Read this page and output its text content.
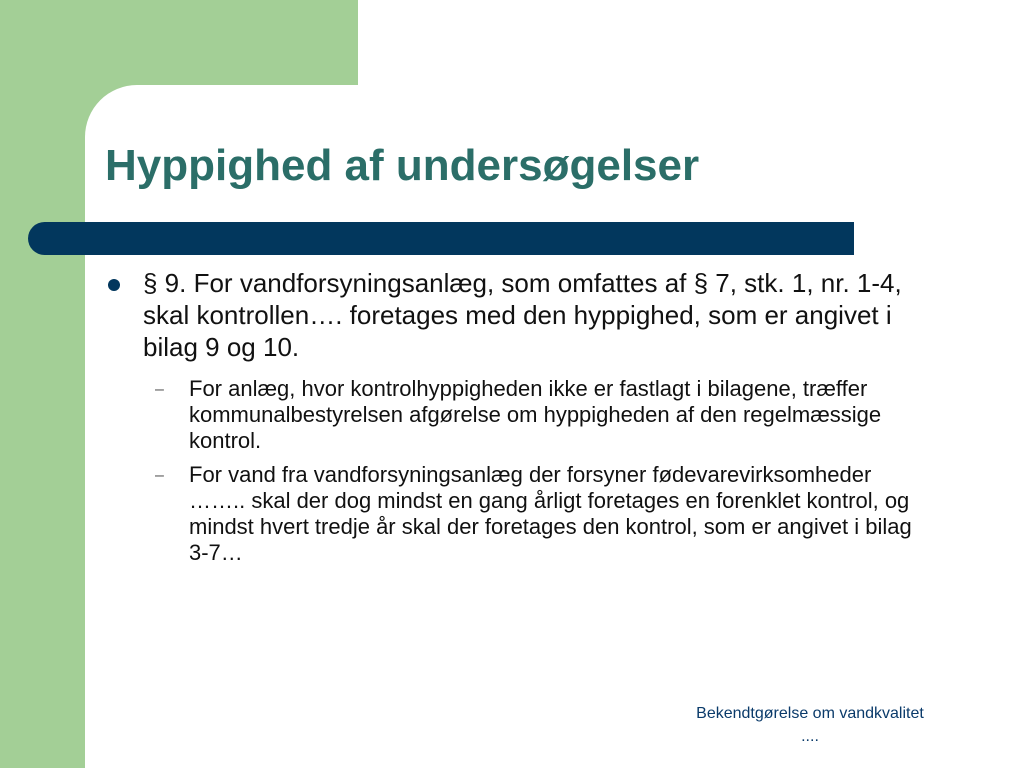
Hyppighed af undersøgelser
§ 9. For vandforsyningsanlæg, som omfattes af § 7, stk. 1, nr. 1-4, skal kontrollen…. foretages med den hyppighed, som er angivet i bilag 9 og 10.
– For anlæg, hvor kontrolhyppigheden ikke er fastlagt i bilagene, træffer kommunalbestyrelsen afgørelse om hyppigheden af den regelmæssige kontrol.
– For vand fra vandforsyningsanlæg der forsyner fødevarevirksomheder …….. skal der dog mindst en gang årligt foretages en forenklet kontrol, og mindst hvert tredje år skal der foretages den kontrol, som er angivet i bilag 3-7…
Bekendtgørelse om vandkvalitet
....
